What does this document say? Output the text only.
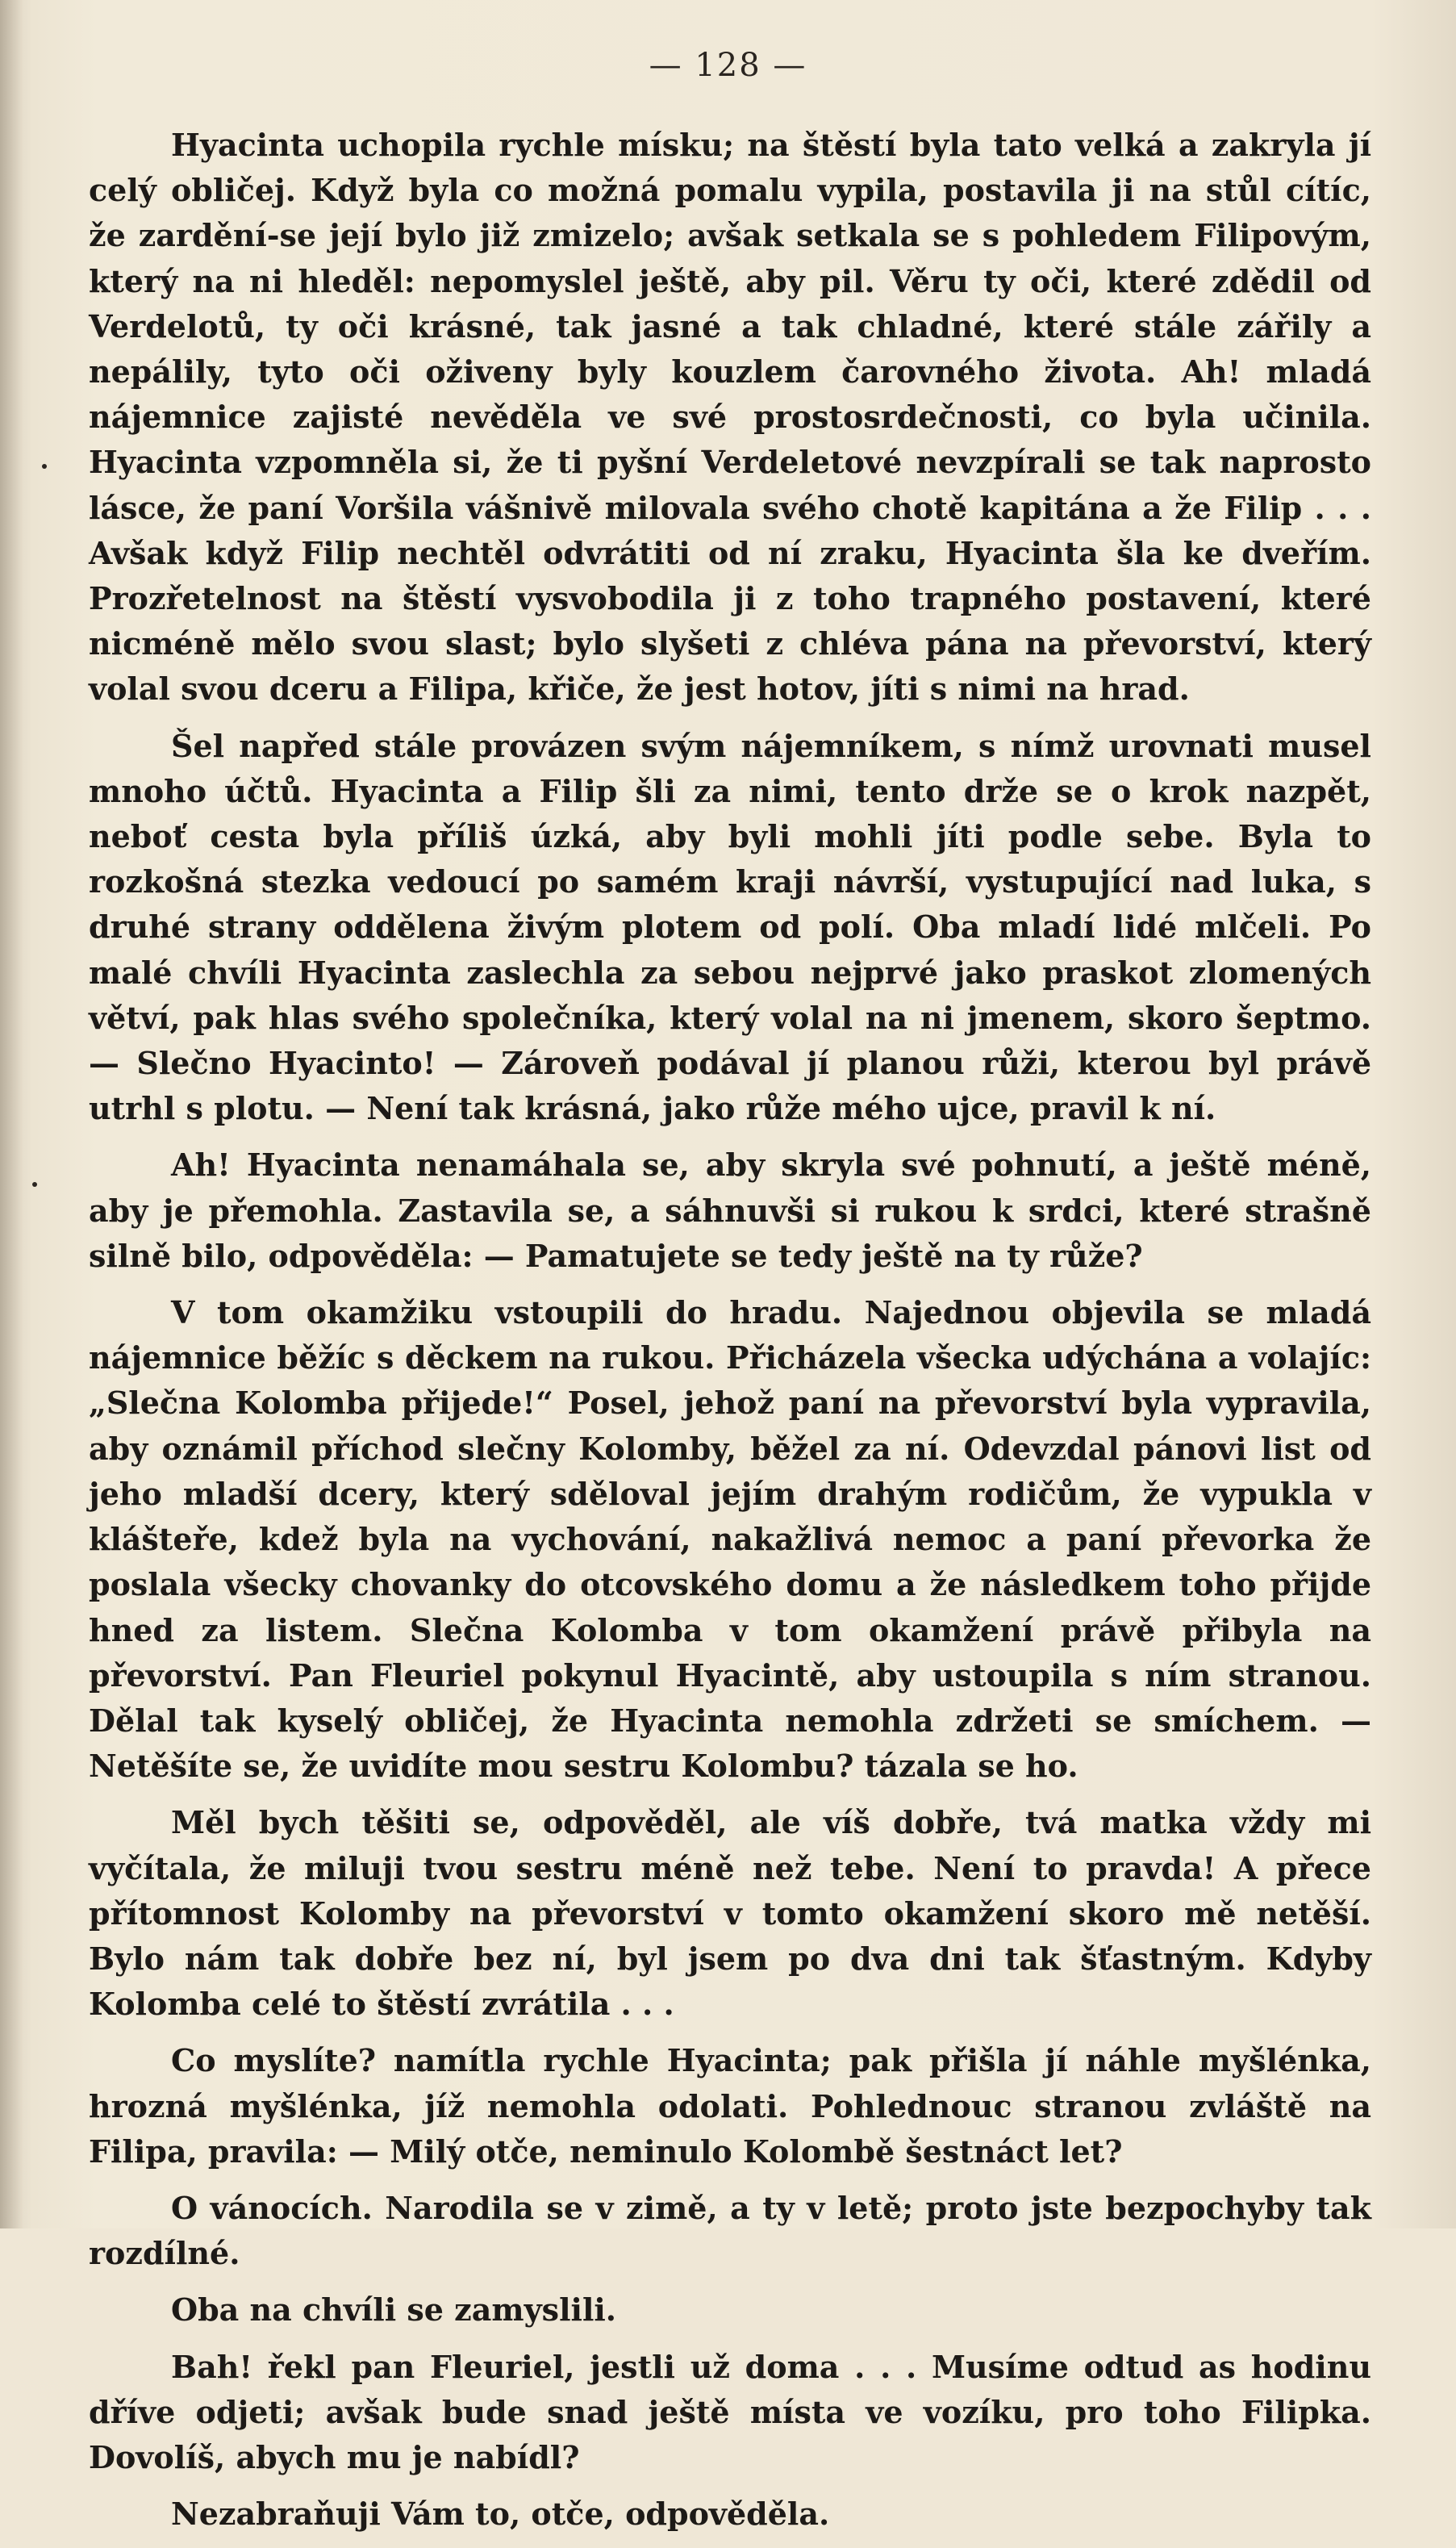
— 128 —

Hyacinta uchopila rychle mísku; na štěstí byla tato velká a zakryla jí celý obličej. Když byla co možná pomalu vypila, postavila ji na stůl cítíc, že zardění-se její bylo již zmizelo; avšak setkala se s pohledem Filipovým, který na ni hleděl: nepomyslel ještě, aby pil. Věru ty oči, které zdědil od Verdelotů, ty oči krásné, tak jasné a tak chladné, které stále zářily a nepálily, tyto oči oživeny byly kouzlem čarovného života. Ah! mladá nájemnice zajisté nevěděla ve své prostosrdečnosti, co byla učinila. Hyacinta vzpomněla si, že ti pyšní Verdeletové nevzpírali se tak naprosto lásce, že paní Voršila vášnivě milovala svého chotě kapitána a že Filip . . . Avšak když Filip nechtěl odvrátiti od ní zraku, Hyacinta šla ke dveřím. Prozřetelnost na štěstí vysvobodila ji z toho trapného postavení, které nicméně mělo svou slast; bylo slyšeti z chléva pána na převorství, který volal svou dceru a Filipa, křiče, že jest hotov, jíti s nimi na hrad.

Šel napřed stále provázen svým nájemníkem, s nímž urovnati musel mnoho účtů. Hyacinta a Filip šli za nimi, tento drže se o krok nazpět, neboť cesta byla příliš úzká, aby byli mohli jíti podle sebe. Byla to rozkošná stezka vedoucí po samém kraji návrší, vystupující nad luka, s druhé strany oddělena živým plotem od polí. Oba mladí lidé mlčeli. Po malé chvíli Hyacinta zaslechla za sebou nejprvé jako praskot zlomených větví, pak hlas svého společníka, který volal na ni jmenem, skoro šeptmo. — Slečno Hyacinto! — Zároveň podával jí planou růži, kterou byl právě utrhl s plotu. — Není tak krásná, jako růže mého ujce, pravil k ní.

Ah! Hyacinta nenamáhala se, aby skryla své pohnutí, a ještě méně, aby je přemohla. Zastavila se, a sáhnuvši si rukou k srdci, které strašně silně bilo, odpověděla: — Pamatujete se tedy ještě na ty růže?

V tom okamžiku vstoupili do hradu. Najednou objevila se mladá nájemnice běžíc s děckem na rukou. Přicházela všecka udýchána a volajíc: „Slečna Kolomba přijede!“ Posel, jehož paní na převorství byla vypravila, aby oznámil příchod slečny Kolomby, běžel za ní. Odevzdal pánovi list od jeho mladší dcery, který sděloval jejím drahým rodičům, že vypukla v klášteře, kdež byla na vychování, nakažlivá nemoc a paní převorka že poslala všecky chovanky do otcovského domu a že následkem toho přijde hned za listem. Slečna Kolomba v tom okamžení právě přibyla na převorství. Pan Fleuriel pokynul Hyacintě, aby ustoupila s ním stranou. Dělal tak kyselý obličej, že Hyacinta nemohla zdržeti se smíchem. — Netěšíte se, že uvidíte mou sestru Kolombu? tázala se ho.

Měl bych těšiti se, odpověděl, ale víš dobře, tvá matka vždy mi vyčítala, že miluji tvou sestru méně než tebe. Není to pravda! A přece přítomnost Kolomby na převorství v tomto okamžení skoro mě netěší. Bylo nám tak dobře bez ní, byl jsem po dva dni tak šťastným. Kdyby Kolomba celé to štěstí zvrátila . . .

Co myslíte? namítla rychle Hyacinta; pak přišla jí náhle myšlénka, hrozná myšlénka, jíž nemohla odolati. Pohlednouc stranou zvláště na Filipa, pravila: — Milý otče, neminulo Kolombě šestnáct let?

O vánocích. Narodila se v zimě, a ty v letě; proto jste bezpochyby tak rozdílné.

Oba na chvíli se zamyslili.

Bah! řekl pan Fleuriel, jestli už doma . . . Musíme odtud as hodinu dříve odjeti; avšak bude snad ještě místa ve vozíku, pro toho Filipka. Dovolíš, abych mu je nabídl?

Nezabraňuji Vám to, otče, odpověděla.
